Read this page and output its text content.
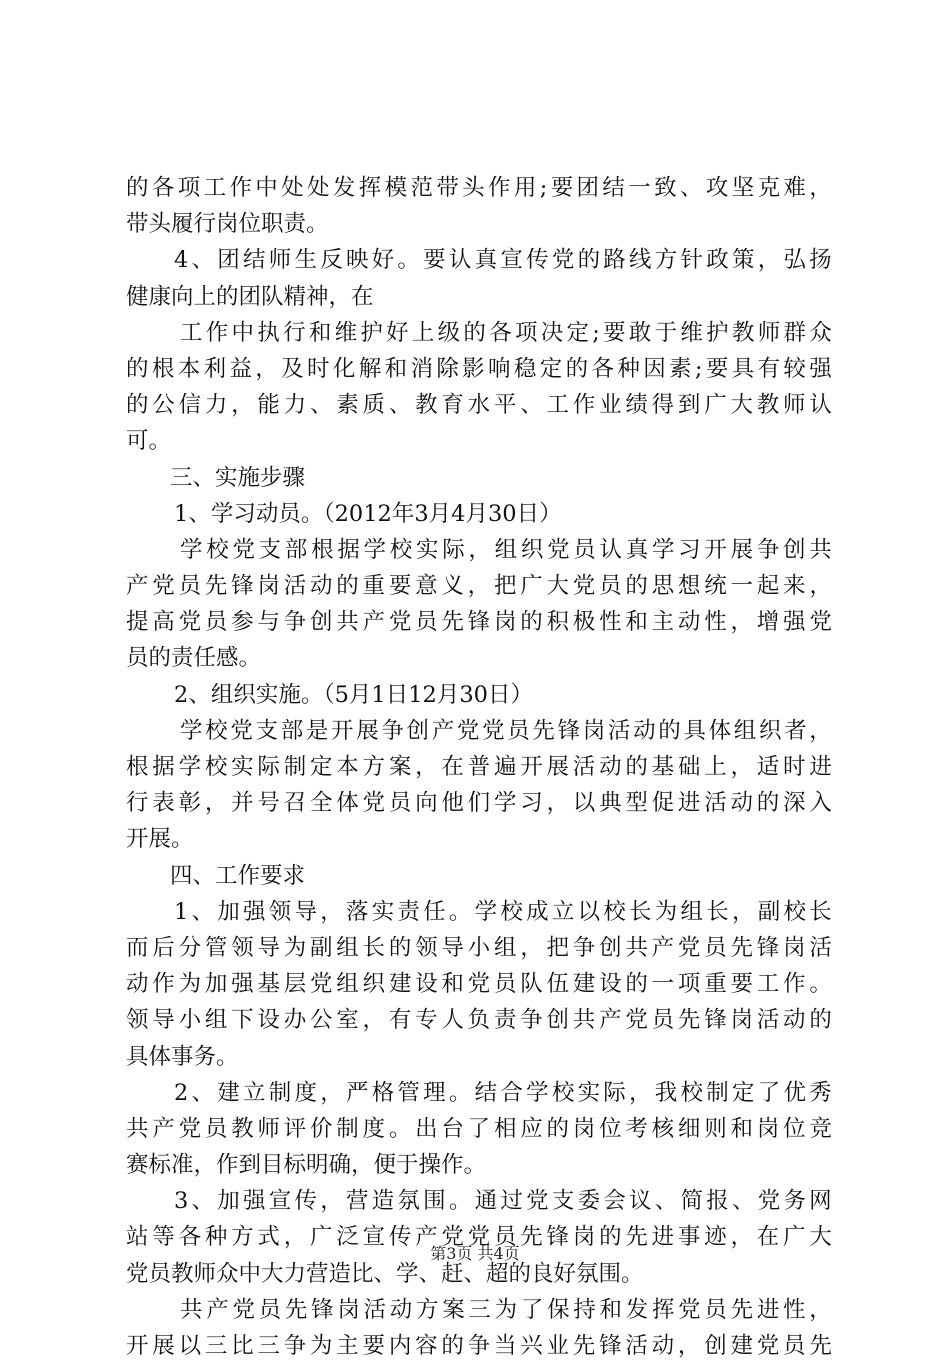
的 各 项 工 作 中 处 处 发 挥 模 范 带 头 作 用 ; 要 团 结 一 致 、 攻 坚 克 难 ，
带头履行岗位职责。
4 、 团 结 师 生 反 映 好 。 要 认 真 宣 传 党 的 路 线 方 针 政 策 ， 弘 扬
健康向上的团队精神，在
工 作 中 执 行 和 维 护 好 上 级 的 各 项 决 定 ; 要 敢 于 维 护 教 师 群 众
的 根 本 利 益 ， 及 时 化 解 和 消 除 影 响 稳 定 的 各 种 因 素 ; 要 具 有 较 强
的 公 信 力 ， 能 力 、 素 质 、 教 育 水 平 、 工 作 业 绩 得 到 广 大 教 师 认
可。
三、实施步骤
1、学习动员。（2012年3月4月30日）
学 校 党 支 部 根 据 学 校 实 际 ， 组 织 党 员 认 真 学 习 开 展 争 创 共
产 党 员 先 锋 岗 活 动 的 重 要 意 义 ， 把 广 大 党 员 的 思 想 统 一 起 来 ，
提 高 党 员 参 与 争 创 共 产 党 员 先 锋 岗 的 积 极 性 和 主 动 性 ， 增 强 党
员的责任感。
2、组织实施。（5月1日12月30日）
学 校 党 支 部 是 开 展 争 创 产 党 党 员 先 锋 岗 活 动 的 具 体 组 织 者 ，
根 据 学 校 实 际 制 定 本 方 案 ， 在 普 遍 开 展 活 动 的 基 础 上 ， 适 时 进
行 表 彰 ， 并 号 召 全 体 党 员 向 他 们 学 习 ， 以 典 型 促 进 活 动 的 深 入
开展。
四、工作要求
1 、 加 强 领 导 ， 落 实 责 任 。 学 校 成 立 以 校 长 为 组 长 ， 副 校 长
而 后 分 管 领 导 为 副 组 长 的 领 导 小 组 ， 把 争 创 共 产 党 员 先 锋 岗 活
动 作 为 加 强 基 层 党 组 织 建 设 和 党 员 队 伍 建 设 的 一 项 重 要 工 作 。
领 导 小 组 下 设 办 公 室 ， 有 专 人 负 责 争 创 共 产 党 员 先 锋 岗 活 动 的
具体事务。
2 、 建 立 制 度 ， 严 格 管 理 。 结 合 学 校 实 际 ， 我 校 制 定 了 优 秀
共 产 党 员 教 师 评 价 制 度 。 出 台 了 相 应 的 岗 位 考 核 细 则 和 岗 位 竞
赛标准，作到目标明确，便于操作。
3 、 加 强 宣 传 ， 营 造 氛 围 。 通 过 党 支 委 会 议 、 简 报 、 党 务 网
站 等 各 种 方 式 ， 广 泛 宣 传 产 党 党 员 先 锋 岗 的 先 进 事 迹 ， 在 广 大
党员教师众中大力营造比、学、赶、超的良好氛围。
共 产 党 员 先 锋 岗 活 动 方 案 三 为 了 保 持 和 发 挥 党 员 先 进 性 ，
开 展 以 三 比 三 争 为 主 要 内 容 的 争 当 兴 业 先 锋 活 动 ， 创 建 党 员 先
第3页 共4页
